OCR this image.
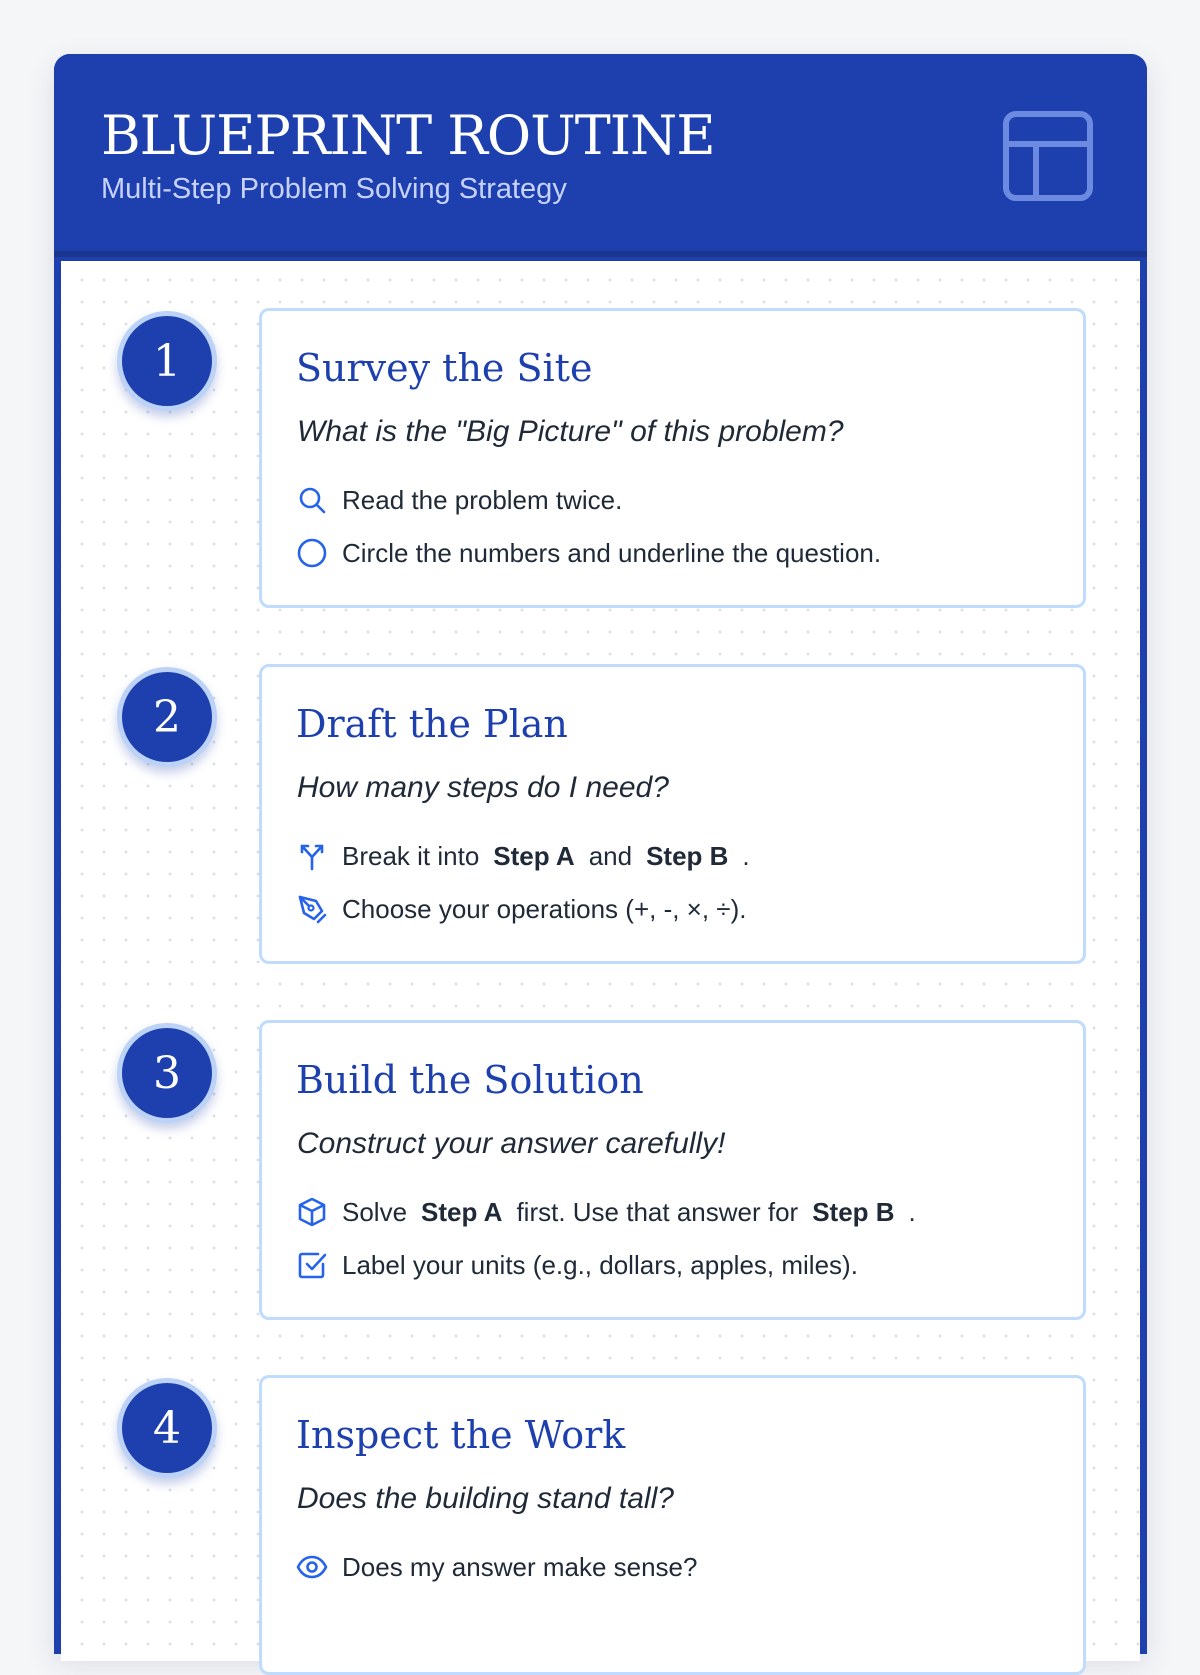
BLUEPRINT ROUTINE
Multi-Step Problem Solving Strategy
1	Survey the Site
What is the "Big Picture" of this problem?
Read the problem twice.
Circle the numbers and underline the question.
2	Draft the Plan
How many steps do I need?
Break it into Step A and Step B .
Choose your operations (+, -, ×, ÷).
3	Build the Solution
Construct your answer carefully!
Solve Step A first. Use that answer for Step B .
Label your units (e.g., dollars, apples, miles).
4	Inspect the Work
Does the building stand tall?
Does my answer make sense?
